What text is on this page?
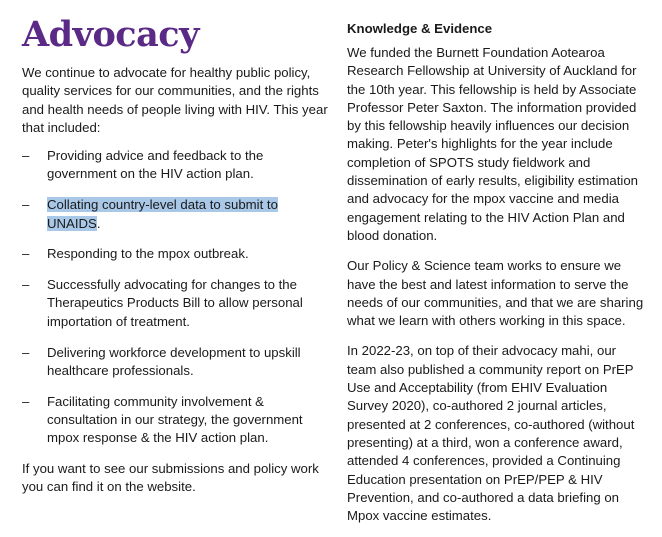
Advocacy

We continue to advocate for healthy public policy, quality services for our communities, and the rights and health needs of people living with HIV. This year that included:

– Providing advice and feedback to the government on the HIV action plan.
– Collating country-level data to submit to UNAIDS.
– Responding to the mpox outbreak.
– Successfully advocating for changes to the Therapeutics Products Bill to allow personal importation of treatment.
– Delivering workforce development to upskill healthcare professionals.
– Facilitating community involvement & consultation in our strategy, the government mpox response & the HIV action plan.

If you want to see our submissions and policy work you can find it on the website.

Knowledge & Evidence

We funded the Burnett Foundation Aotearoa Research Fellowship at University of Auckland for the 10th year. This fellowship is held by Associate Professor Peter Saxton. The information provided by this fellowship heavily influences our decision making. Peter's highlights for the year include completion of SPOTS study fieldwork and dissemination of early results, eligibility estimation and advocacy for the mpox vaccine and media engagement relating to the HIV Action Plan and blood donation.

Our Policy & Science team works to ensure we have the best and latest information to serve the needs of our communities, and that we are sharing what we learn with others working in this space.

In 2022-23, on top of their advocacy mahi, our team also published a community report on PrEP Use and Acceptability (from EHIV Evaluation Survey 2020), co-authored 2 journal articles, presented at 2 conferences, co-authored (without presenting) at a third, won a conference award, attended 4 conferences, provided a Continuing Education presentation on PrEP/PEP & HIV Prevention, and co-authored a data briefing on Mpox vaccine estimates.
